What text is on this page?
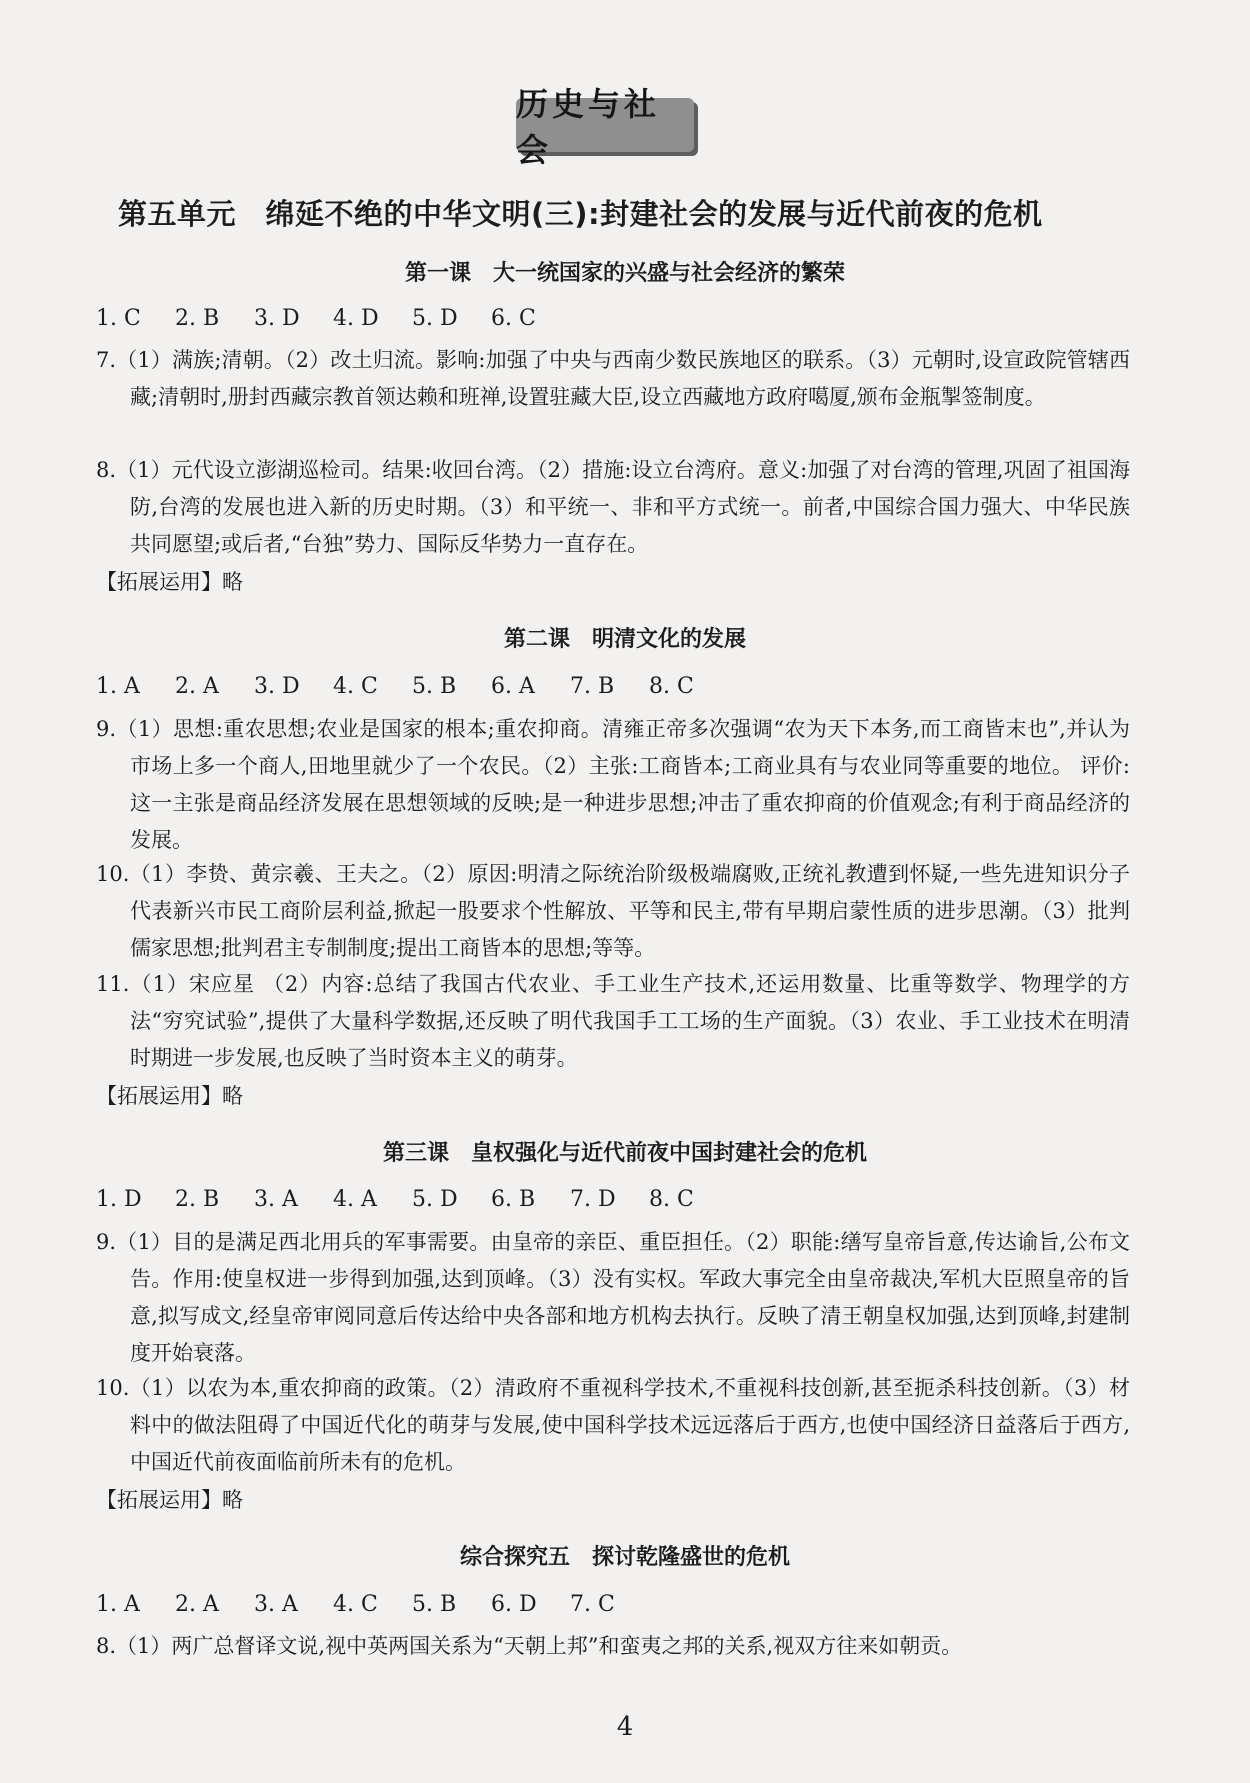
历史与社会
第五单元　绵延不绝的中华文明(三):封建社会的发展与近代前夜的危机
第一课　大一统国家的兴盛与社会经济的繁荣
1. C 2. B 3. D 4. D 5. D 6. C
7.（1）满族;清朝。（2）改土归流。影响:加强了中央与西南少数民族地区的联系。（3）元朝时,设宣政院管辖西藏;清朝时,册封西藏宗教首领达赖和班禅,设置驻藏大臣,设立西藏地方政府噶厦,颁布金瓶掣签制度。
8.（1）元代设立澎湖巡检司。结果:收回台湾。（2）措施:设立台湾府。意义:加强了对台湾的管理,巩固了祖国海防,台湾的发展也进入新的历史时期。（3）和平统一、非和平方式统一。前者,中国综合国力强大、中华民族共同愿望;或后者,“台独”势力、国际反华势力一直存在。
【拓展运用】略
第二课　明清文化的发展
1. A 2. A 3. D 4. C 5. B 6. A 7. B 8. C
9.（1）思想:重农思想;农业是国家的根本;重农抑商。清雍正帝多次强调“农为天下本务,而工商皆末也”,并认为市场上多一个商人,田地里就少了一个农民。（2）主张:工商皆本;工商业具有与农业同等重要的地位。 评价:这一主张是商品经济发展在思想领域的反映;是一种进步思想;冲击了重农抑商的价值观念;有利于商品经济的发展。
10.（1）李贽、黄宗羲、王夫之。（2）原因:明清之际统治阶级极端腐败,正统礼教遭到怀疑,一些先进知识分子代表新兴市民工商阶层利益,掀起一股要求个性解放、平等和民主,带有早期启蒙性质的进步思潮。（3）批判儒家思想;批判君主专制制度;提出工商皆本的思想;等等。
11.（1）宋应星 （2）内容:总结了我国古代农业、手工业生产技术,还运用数量、比重等数学、物理学的方法“穷究试验”,提供了大量科学数据,还反映了明代我国手工工场的生产面貌。（3）农业、手工业技术在明清时期进一步发展,也反映了当时资本主义的萌芽。
【拓展运用】略
第三课　皇权强化与近代前夜中国封建社会的危机
1. D 2. B 3. A 4. A 5. D 6. B 7. D 8. C
9.（1）目的是满足西北用兵的军事需要。由皇帝的亲臣、重臣担任。（2）职能:缮写皇帝旨意,传达谕旨,公布文告。作用:使皇权进一步得到加强,达到顶峰。（3）没有实权。军政大事完全由皇帝裁决,军机大臣照皇帝的旨意,拟写成文,经皇帝审阅同意后传达给中央各部和地方机构去执行。反映了清王朝皇权加强,达到顶峰,封建制度开始衰落。
10.（1）以农为本,重农抑商的政策。（2）清政府不重视科学技术,不重视科技创新,甚至扼杀科技创新。（3）材料中的做法阻碍了中国近代化的萌芽与发展,使中国科学技术远远落后于西方,也使中国经济日益落后于西方,中国近代前夜面临前所未有的危机。
【拓展运用】略
综合探究五　探讨乾隆盛世的危机
1. A 2. A 3. A 4. C 5. B 6. D 7. C
8.（1）两广总督译文说,视中英两国关系为“天朝上邦”和蛮夷之邦的关系,视双方往来如朝贡。
4
